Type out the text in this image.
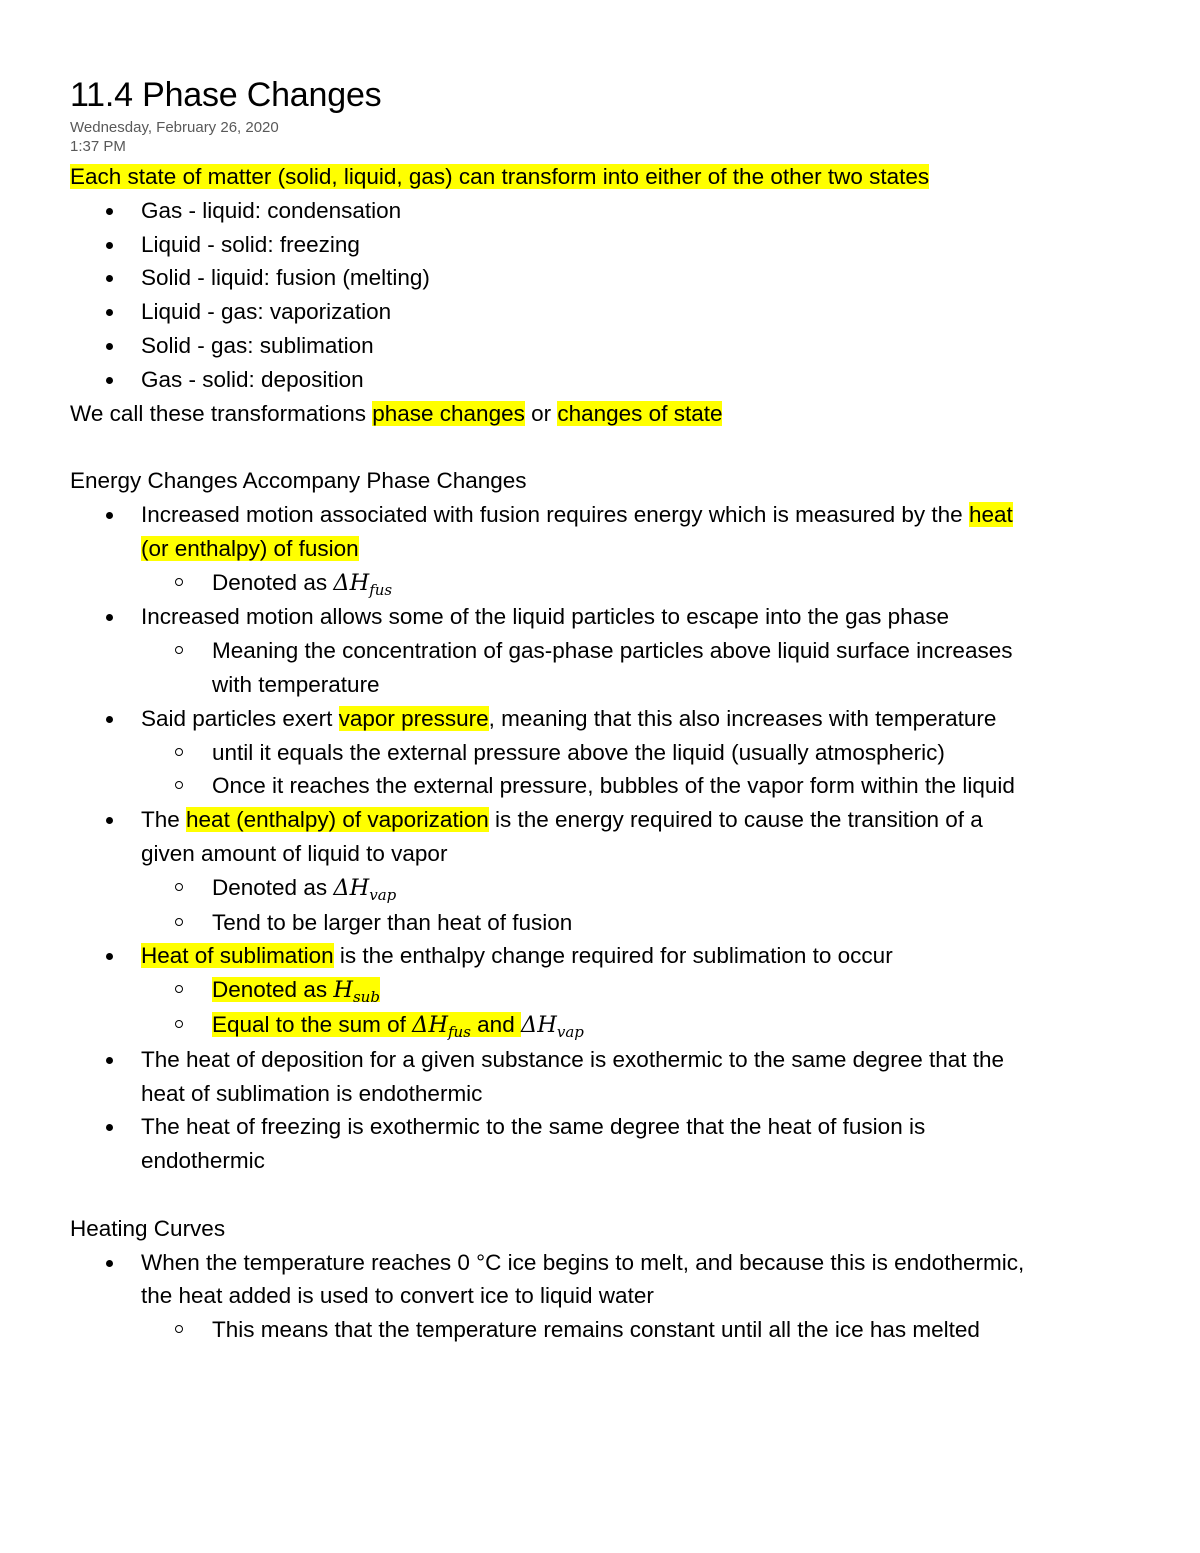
11.4 Phase Changes
Wednesday, February 26, 2020
1:37 PM
Each state of matter (solid, liquid, gas) can transform into either of the other two states
Gas - liquid: condensation
Liquid - solid: freezing
Solid - liquid: fusion (melting)
Liquid - gas: vaporization
Solid - gas: sublimation
Gas - solid: deposition
We call these transformations phase changes or changes of state
Energy Changes Accompany Phase Changes
Increased motion associated with fusion requires energy which is measured by the heat
(or enthalpy) of fusion
Denoted as $\Delta H_{fus}$
Increased motion allows some of the liquid particles to escape into the gas phase
Meaning the concentration of gas-phase particles above liquid surface increases
with temperature
Said particles exert vapor pressure, meaning that this also increases with temperature
until it equals the external pressure above the liquid (usually atmospheric)
Once it reaches the external pressure, bubbles of the vapor form within the liquid
The heat (enthalpy) of vaporization is the energy required to cause the transition of a
given amount of liquid to vapor
Denoted as $\Delta H_{vap}$
Tend to be larger than heat of fusion
Heat of sublimation is the enthalpy change required for sublimation to occur
Denoted as $H_{sub}$
Equal to the sum of $\Delta H_{fus}$ and $\Delta H_{vap}$
The heat of deposition for a given substance is exothermic to the same degree that the
heat of sublimation is endothermic
The heat of freezing is exothermic to the same degree that the heat of fusion is
endothermic
Heating Curves
When the temperature reaches 0 °C ice begins to melt, and because this is endothermic,
the heat added is used to convert ice to liquid water
This means that the temperature remains constant until all the ice has melted
